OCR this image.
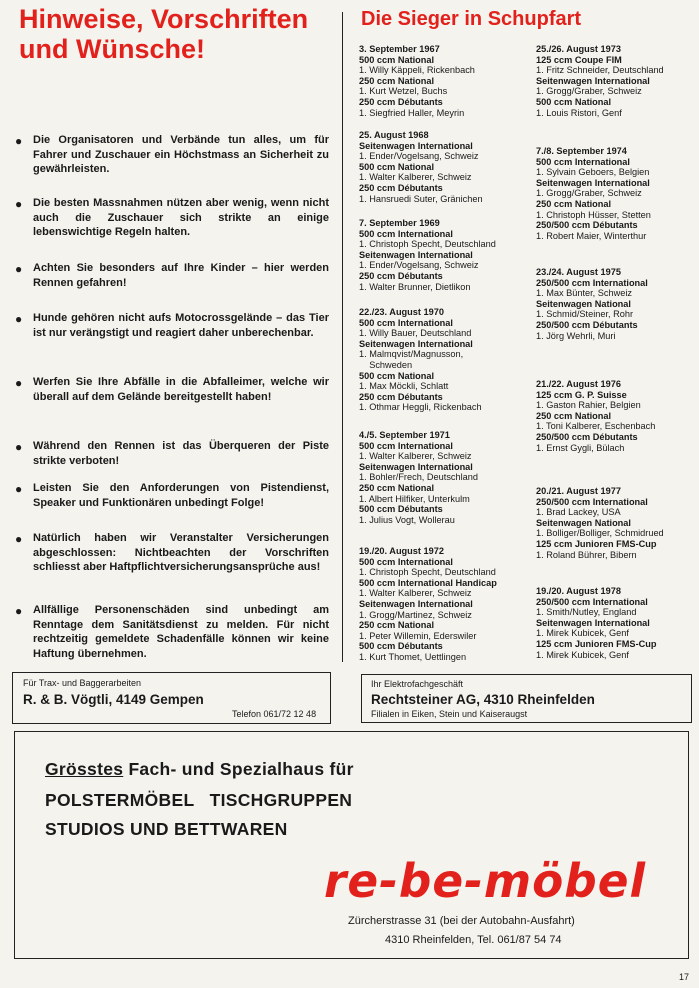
Hinweise, Vorschriften
und Wünsche!
Die Sieger in Schupfart
● Die Organisatoren und Verbände tun alles, um für Fahrer und Zuschauer ein Höchstmass an Sicherheit zu gewährleisten.
● Die besten Massnahmen nützen aber wenig, wenn nicht auch die Zuschauer sich strikte an einige lebenswichtige Regeln halten.
● Achten Sie besonders auf Ihre Kinder – hier werden Rennen gefahren!
● Hunde gehören nicht aufs Motocrossgelände – das Tier ist nur verängstigt und reagiert daher unberechenbar.
● Werfen Sie Ihre Abfälle in die Abfalleimer, welche wir überall auf dem Gelände bereitgestellt haben!
● Während den Rennen ist das Überqueren der Piste strikte verboten!
● Leisten Sie den Anforderungen von Pistendienst, Speaker und Funktionären unbedingt Folge!
● Natürlich haben wir Veranstalter Versicherungen abgeschlossen: Nichtbeachten der Vorschriften schliesst aber Haftpflichtversicherungsansprüche aus!
● Allfällige Personenschäden sind unbedingt am Renntage dem Sanitätsdienst zu melden. Für nicht rechtzeitig gemeldete Schadenfälle können wir keine Haftung übernehmen.
3. September 1967
500 ccm National
1. Willy Käppeli, Rickenbach
250 ccm National
1. Kurt Wetzel, Buchs
250 ccm Débutants
1. Siegfried Haller, Meyrin
25. August 1968
Seitenwagen International
1. Ender/Vogelsang, Schweiz
500 ccm National
1. Walter Kalberer, Schweiz
250 ccm Débutants
1. Hansruedi Suter, Gränichen
7. September 1969
500 ccm International
1. Christoph Specht, Deutschland
Seitenwagen International
1. Ender/Vogelsang, Schweiz
250 ccm Débutants
1. Walter Brunner, Dietlikon
22./23. August 1970
500 ccm International
1. Willy Bauer, Deutschland
Seitenwagen International
1. Malmqvist/Magnusson,
Schweden
500 ccm National
1. Max Möckli, Schlatt
250 ccm Débutants
1. Othmar Heggli, Rickenbach
4./5. September 1971
500 ccm International
1. Walter Kalberer, Schweiz
Seitenwagen International
1. Bohler/Frech, Deutschland
250 ccm National
1. Albert Hilfiker, Unterkulm
500 ccm Débutants
1. Julius Vogt, Wollerau
19./20. August 1972
500 ccm International
1. Christoph Specht, Deutschland
500 ccm International Handicap
1. Walter Kalberer, Schweiz
Seitenwagen International
1. Grogg/Martinez, Schweiz
250 ccm National
1. Peter Willemin, Ederswiler
500 ccm Débutants
1. Kurt Thomet, Uettlingen
25./26. August 1973
125 ccm Coupe FIM
1. Fritz Schneider, Deutschland
Seitenwagen International
1. Grogg/Graber, Schweiz
500 ccm National
1. Louis Ristori, Genf
7./8. September 1974
500 ccm International
1. Sylvain Geboers, Belgien
Seitenwagen International
1. Grogg/Graber, Schweiz
250 ccm National
1. Christoph Hüsser, Stetten
250/500 ccm Débutants
1. Robert Maier, Winterthur
23./24. August 1975
250/500 ccm International
1. Max Bünter, Schweiz
Seitenwagen National
1. Schmid/Steiner, Rohr
250/500 ccm Débutants
1. Jörg Wehrli, Muri
21./22. August 1976
125 ccm G. P. Suisse
1. Gaston Rahier, Belgien
250 ccm National
1. Toni Kalberer, Eschenbach
250/500 ccm Débutants
1. Ernst Gygli, Bülach
20./21. August 1977
250/500 ccm International
1. Brad Lackey, USA
Seitenwagen National
1. Bolliger/Bolliger, Schmidrued
125 ccm Junioren FMS-Cup
1. Roland Bührer, Bibern
19./20. August 1978
250/500 ccm International
1. Smith/Nutley, England
Seitenwagen International
1. Mirek Kubicek, Genf
125 ccm Junioren FMS-Cup
1. Mirek Kubicek, Genf
Für Trax- und Baggerarbeiten
R. & B. Vögtli, 4149 Gempen
Telefon 061/72 12 48
Ihr Elektrofachgeschäft
Rechtsteiner AG, 4310 Rheinfelden
Filialen in Eiken, Stein und Kaiseraugst
Grösstes Fach- und Spezialhaus für
POLSTERMÖBEL   TISCHGRUPPEN
STUDIOS UND BETTWAREN
Zürcherstrasse 31 (bei der Autobahn-Ausfahrt)
4310 Rheinfelden, Tel. 061/87 54 74
re-be-möbel
17
